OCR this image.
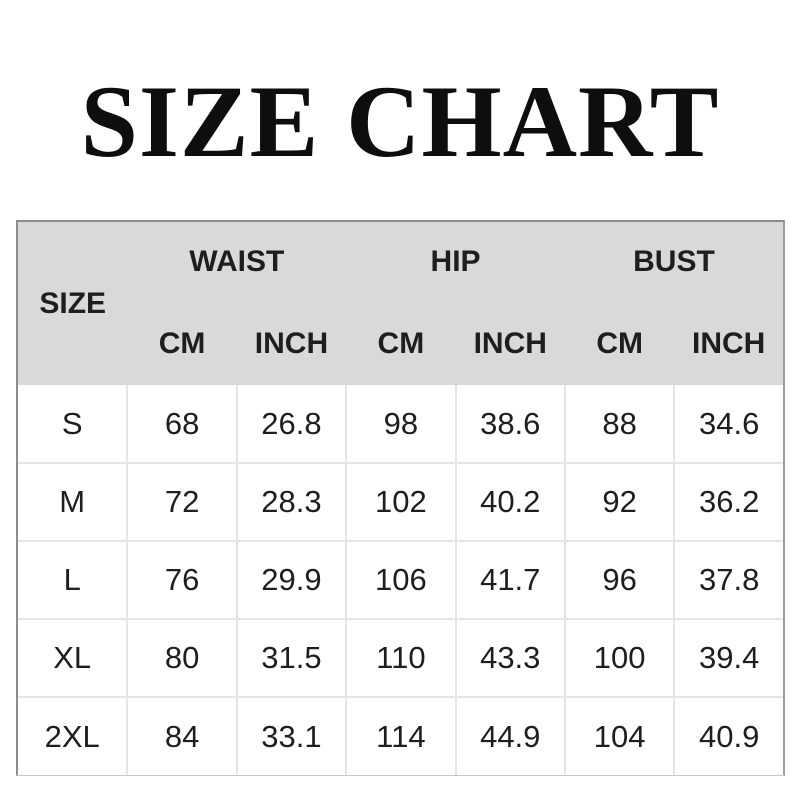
SIZE CHART
SIZE	WAIST		HIP		BUST	
	CM	INCH	CM	INCH	CM	INCH
S	68	26.8	98	38.6	88	34.6
M	72	28.3	102	40.2	92	36.2
L	76	29.9	106	41.7	96	37.8
XL	80	31.5	110	43.3	100	39.4
2XL	84	33.1	114	44.9	104	40.9
